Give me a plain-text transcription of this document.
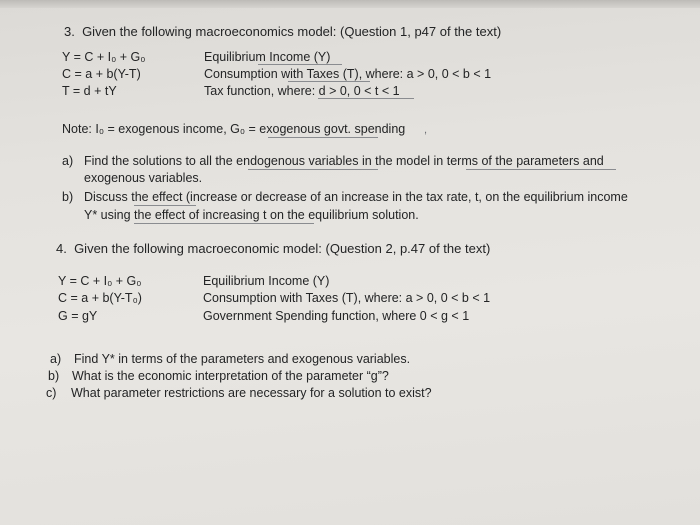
3.  Given the following macroeconomics model: (Question 1, p47 of the text)
Y = C + I₀ + G₀	Equilibrium Income (Y)
C = a + b(Y-T)	Consumption with Taxes (T), where: a > 0, 0 < b < 1
T = d + tY	Tax function, where: d > 0, 0 < t < 1
Note: I₀ = exogenous income, G₀ = exogenous govt. spending
a) Find the solutions to all the endogenous variables in the model in terms of the parameters and
exogenous variables.
b) Discuss the effect (increase or decrease of an increase in the tax rate, t, on the equilibrium income
Y* using the effect of increasing t on the equilibrium solution.
4.  Given the following macroeconomic model: (Question 2, p.47 of the text)
Y = C + I₀ + G₀	Equilibrium Income (Y)
C = a + b(Y-T₀)	Consumption with Taxes (T), where: a > 0, 0 < b < 1
G = gY	Government Spending function, where 0 < g < 1
a) Find Y* in terms of the parameters and exogenous variables.
b) What is the economic interpretation of the parameter “g”?
c) What parameter restrictions are necessary for a solution to exist?
,
